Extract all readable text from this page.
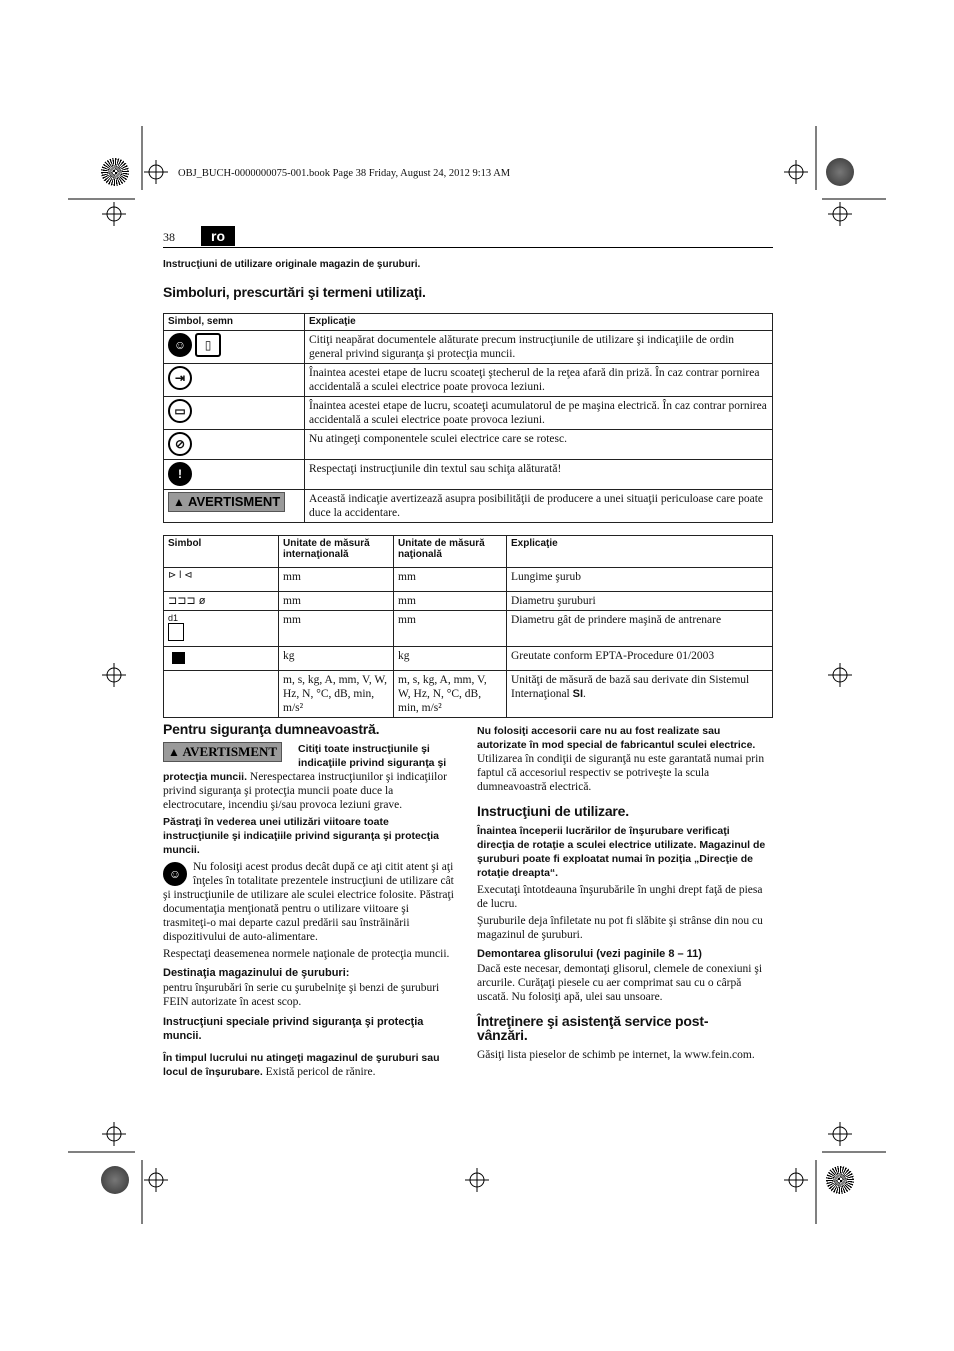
OBJ_BUCH-0000000075-001.book Page 38 Friday, August 24, 2012 9:13 AM
38	ro
Instrucţiuni de utilizare originale magazin de şuruburi.
Simboluri, prescurtări şi termeni utilizaţi.
Simbol, semn	Explicaţie
☺ ▯	Citiţi neapărat documentele alăturate precum instrucţiunile de utilizare şi indicaţiile de ordin general privind siguranţa şi protecţia muncii.
⇥	Înaintea acestei etape de lucru scoateţi ştecherul de la reţea afară din priză. În caz contrar pornirea accidentală a sculei electrice poate provoca leziuni.
▭	Înaintea acestei etape de lucru, scoateţi acumulatorul de pe maşina electrică. În caz contrar pornirea accidentală a sculei electrice poate provoca leziuni.
⊘	Nu atingeţi componentele sculei electrice care se rotesc.
!	Respectaţi instrucţiunile din textul sau schiţa alăturată!
▲ AVERTISMENT	Această indicaţie avertizează asupra posibilităţii de producere a unei situaţii periculoase care poate duce la accidentare.
Simbol	Unitate de măsură internaţională	Unitate de măsură naţională	Explicaţie
⊳ l ⊲	mm	mm	Lungime şurub
⊐⊐⊐ ø	mm	mm	Diametru şuruburi
d1	mm	mm	Diametru gât de prindere maşină de antrenare
	kg	kg	Greutate conform EPTA-Procedure 01/2003
	m, s, kg, A, mm, V, W, Hz, N, °C, dB, min, m/s²	m, s, kg, A, mm, V, W, Hz, N, °C, dB, min, m/s²	Unităţi de măsură de bază sau derivate din Sistemul Internaţional SI.
Pentru siguranţa dumneavoastră.
▲ AVERTISMENT	Citiţi toate instrucţiunile şi indicaţiile privind siguranţa şi

protecţia muncii. Nerespectarea instrucţiunilor şi indicaţiilor privind siguranţa şi protecţia muncii poate duce la electrocutare, incendiu şi/sau provoca leziuni grave.

Păstraţi în vederea unei utilizări viitoare toate instrucţiunile şi indicaţiile privind siguranţa şi protecţia muncii.

☺	Nu folosiţi acest produs decât după ce aţi citit atent şi aţi înţeles în totalitate prezentele instrucţiuni de utilizare cât şi instrucţiunile de utilizare ale sculei electrice folosite. Păstraţi documentaţia menţionată pentru o utilizare viitoare şi trasmiteţi-o mai departe cazul predării sau înstrăinării dispozitivului de auto-alimentare.

Respectaţi deasemenea normele naţionale de protecţia muncii.

Destinaţia magazinului de şuruburi:

pentru înşurubări în serie cu şurubelniţe şi benzi de şuruburi FEIN autorizate în acest scop.

Instrucţiuni speciale privind siguranţa şi protecţia muncii.

În timpul lucrului nu atingeţi magazinul de şuruburi sau locul de înşurubare. Există pericol de rănire.

Nu folosiţi accesorii care nu au fost realizate sau autorizate în mod special de fabricantul sculei electrice. Utilizarea în condiţii de siguranţă nu este garantată numai prin faptul că accesoriul respectiv se potriveşte la scula dumneavoastră electrică.

Instrucţiuni de utilizare.

Înaintea începerii lucrărilor de înşurubare verificaţi direcţia de rotaţie a sculei electrice utilizate. Magazinul de şuruburi poate fi exploatat numai în poziţia „Direcţie de rotaţie dreapta“.

Executaţi întotdeauna înşurubările în unghi drept faţă de piesa de lucru.

Şuruburile deja înfiletate nu pot fi slăbite şi strânse din nou cu magazinul de şuruburi.

Demontarea glisorului (vezi paginile 8 – 11)

Dacă este necesar, demontaţi glisorul, clemele de conexiuni şi arcurile. Curăţaţi piesele cu aer comprimat sau cu o cârpă uscată. Nu folosiţi apă, ulei sau unsoare.

Întreţinere şi asistenţă service post-vânzări.

Găsiţi lista pieselor de schimb pe internet, la www.fein.com.
